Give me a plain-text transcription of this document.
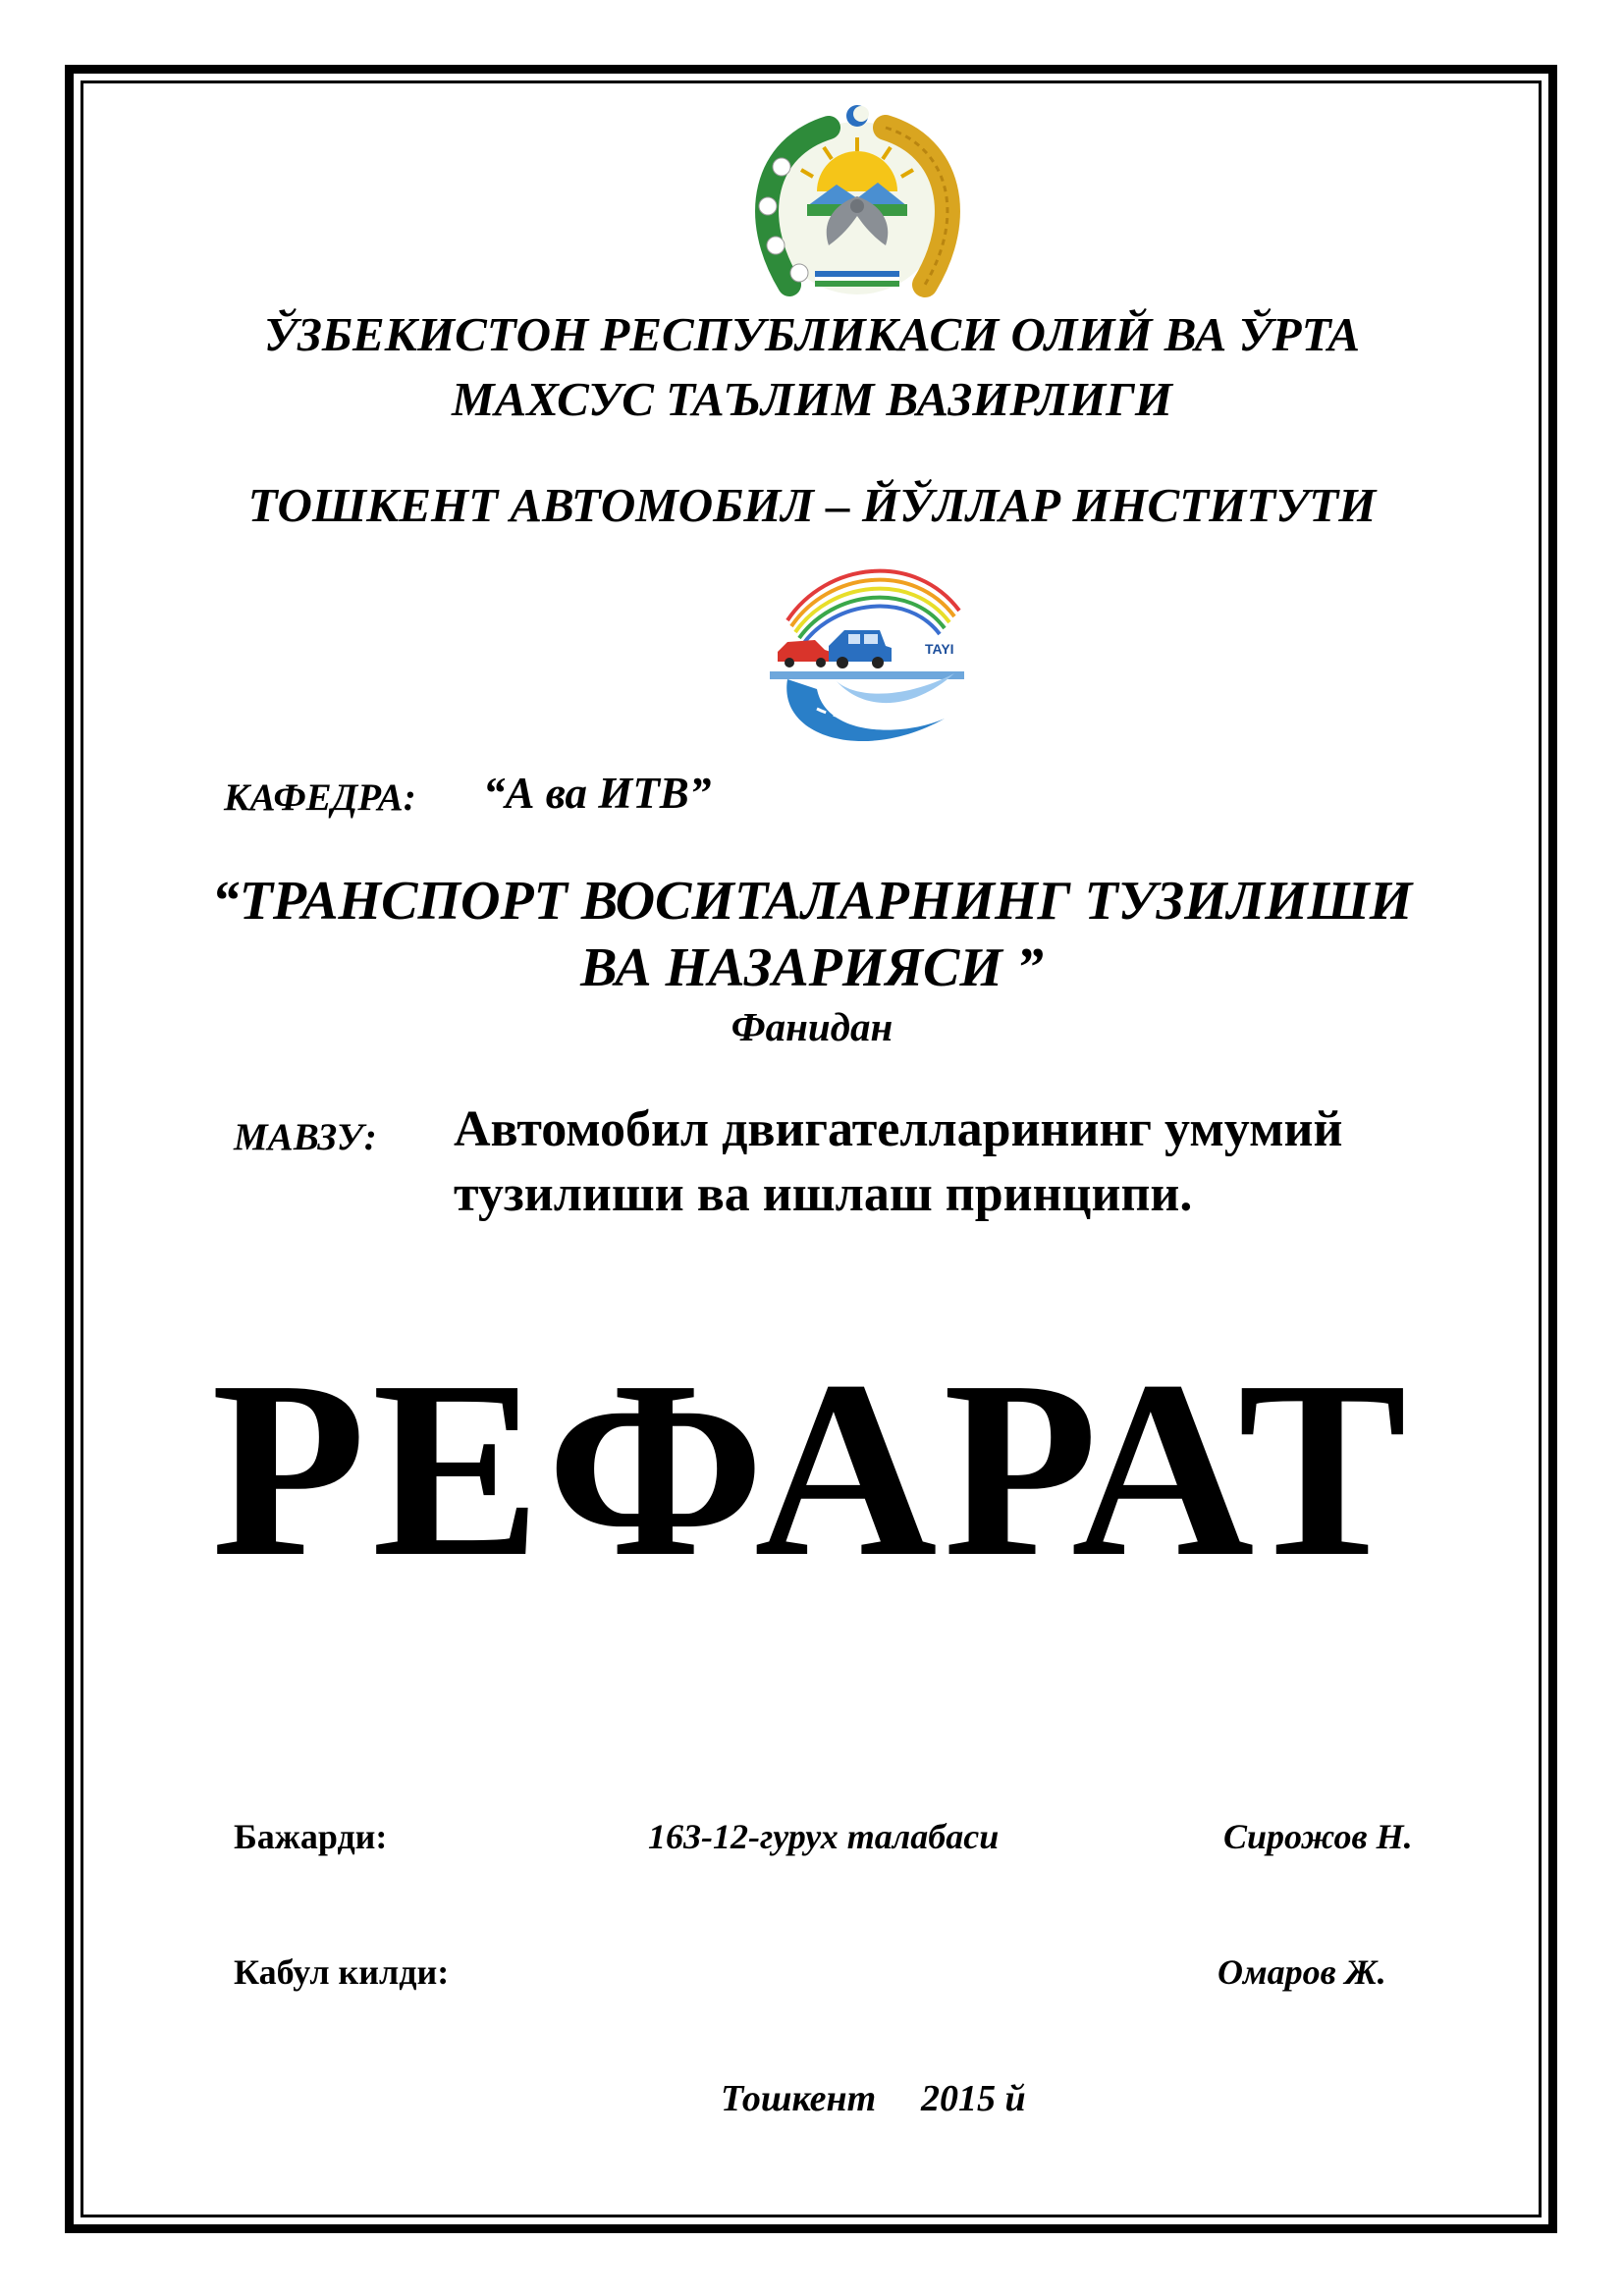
ЎЗБЕКИСТОН РЕСПУБЛИКАСИ ОЛИЙ ВА ЎРТА
МАХСУС ТАЪЛИМ ВАЗИРЛИГИ
ТОШКЕНТ АВТОМОБИЛ – ЙЎЛЛАР ИНСТИТУТИ
TAYI
КАФЕДРА: “А ва ИТВ”
“ТРАНСПОРТ ВОСИТАЛАРНИНГ ТУЗИЛИШИ
ВА НАЗАРИЯСИ ”
Фанидан
МАВЗУ: Автомобил двигателларининг умумий
тузилиши ва ишлаш принципи.
РЕФАРАТ
Бажарди:	163-12-гурух талабаси	Сирожов Н.
Кабул килди:	Омаров Ж.
Тошкент 2015 й
